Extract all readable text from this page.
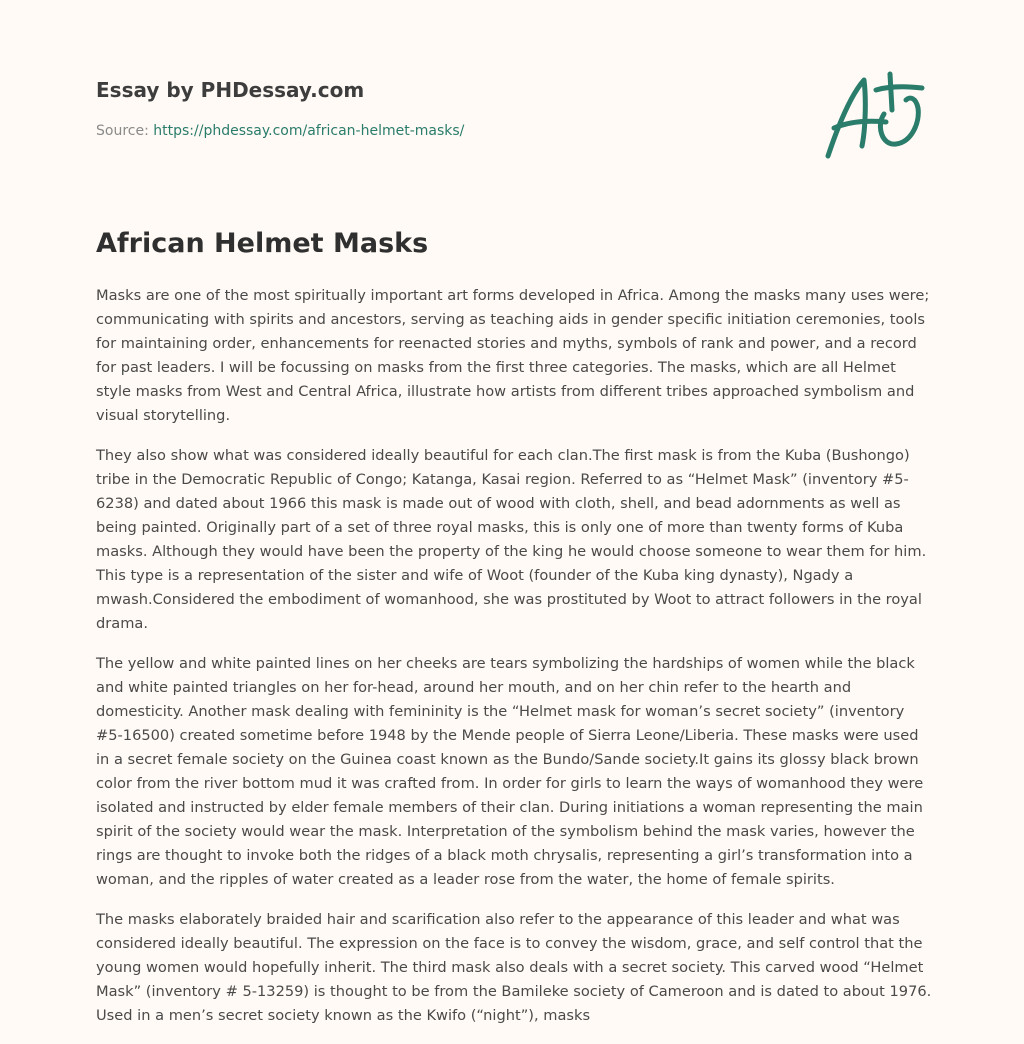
Essay by PHDessay.com
Source: https://phdessay.com/african-helmet-masks/
African Helmet Masks

Masks are one of the most spiritually important art forms developed in Africa. Among the masks many uses were; communicating with spirits and ancestors, serving as teaching aids in gender specific initiation ceremonies, tools for maintaining order, enhancements for reenacted stories and myths, symbols of rank and power, and a record for past leaders. I will be focussing on masks from the first three categories. The masks, which are all Helmet style masks from West and Central Africa, illustrate how artists from different tribes approached symbolism and visual storytelling.

They also show what was considered ideally beautiful for each clan.The first mask is from the Kuba (Bushongo) tribe in the Democratic Republic of Congo; Katanga, Kasai region. Referred to as “Helmet Mask” (inventory #5-6238) and dated about 1966 this mask is made out of wood with cloth, shell, and bead adornments as well as being painted. Originally part of a set of three royal masks, this is only one of more than twenty forms of Kuba masks. Although they would have been the property of the king he would choose someone to wear them for him. This type is a representation of the sister and wife of Woot (founder of the Kuba king dynasty), Ngady a mwash.Considered the embodiment of womanhood, she was prostituted by Woot to attract followers in the royal drama.

The yellow and white painted lines on her cheeks are tears symbolizing the hardships of women while the black and white painted triangles on her for-head, around her mouth, and on her chin refer to the hearth and domesticity. Another mask dealing with femininity is the “Helmet mask for woman’s secret society” (inventory #5-16500) created sometime before 1948 by the Mende people of Sierra Leone/Liberia. These masks were used in a secret female society on the Guinea coast known as the Bundo/Sande society.It gains its glossy black brown color from the river bottom mud it was crafted from. In order for girls to learn the ways of womanhood they were isolated and instructed by elder female members of their clan. During initiations a woman representing the main spirit of the society would wear the mask. Interpretation of the symbolism behind the mask varies, however the rings are thought to invoke both the ridges of a black moth chrysalis, representing a girl’s transformation into a woman, and the ripples of water created as a leader rose from the water, the home of female spirits.

The masks elaborately braided hair and scarification also refer to the appearance of this leader and what was considered ideally beautiful. The expression on the face is to convey the wisdom, grace, and self control that the young women would hopefully inherit. The third mask also deals with a secret society. This carved wood “Helmet Mask” (inventory # 5-13259) is thought to be from the Bamileke society of Cameroon and is dated to about 1976. Used in a men’s secret society known as the Kwifo (“night”), masks
